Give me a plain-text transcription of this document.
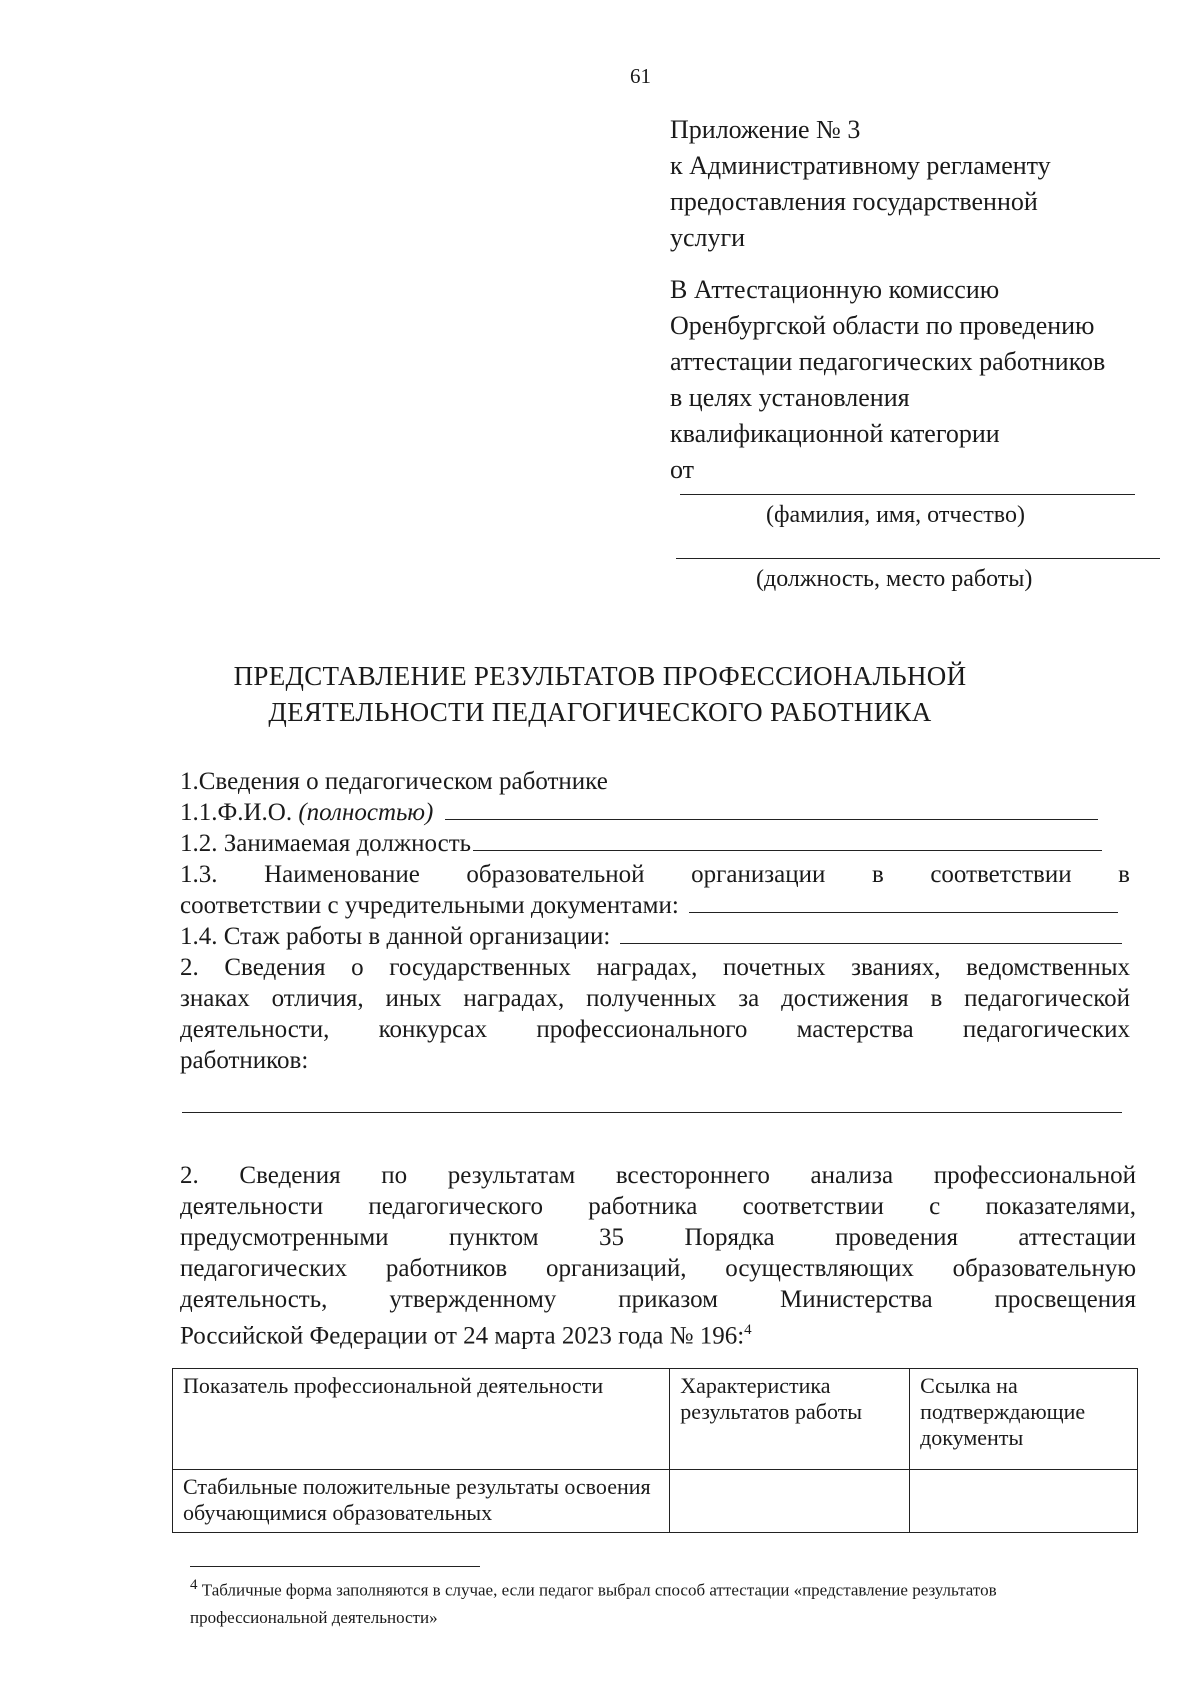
61
Приложение № 3
к Административному регламенту
предоставления государственной
услуги
В Аттестационную комиссию
Оренбургской области по проведению
аттестации педагогических работников
в целях установления
квалификационной категории
от
(фамилия, имя, отчество)
(должность, место работы)
ПРЕДСТАВЛЕНИЕ РЕЗУЛЬТАТОВ ПРОФЕССИОНАЛЬНОЙ
ДЕЯТЕЛЬНОСТИ ПЕДАГОГИЧЕСКОГО РАБОТНИКА
1.Сведения о педагогическом работнике
1.1.Ф.И.О.
(полностью)
1.2. Занимаемая должность
1.3. Наименование образовательной организации в соответствии в
соответствии с учредительными документами:
1.4. Стаж работы в данной организации:
2. Сведения о государственных наградах, почетных званиях, ведомственных
знаках отличия, иных наградах, полученных за достижения в педагогической
деятельности, конкурсах профессионального мастерства педагогических
работников:
2. Сведения по результатам всестороннего анализа профессиональной
деятельности педагогического работника соответствии с показателями,
предусмотренными пунктом 35 Порядка проведения аттестации
педагогических работников организаций, осуществляющих образовательную
деятельность, утвержденному приказом Министерства просвещения
Российской Федерации от 24 марта 2023 года № 196:$^4$
Показатель профессиональной деятельности	Характеристика результатов работы	Ссылка на подтверждающие документы
Стабильные положительные результаты освоения обучающимися образовательных		
$^4$ Табличные форма заполняются в случае, если педагог выбрал способ аттестации «представление результатов профессиональной деятельности»
